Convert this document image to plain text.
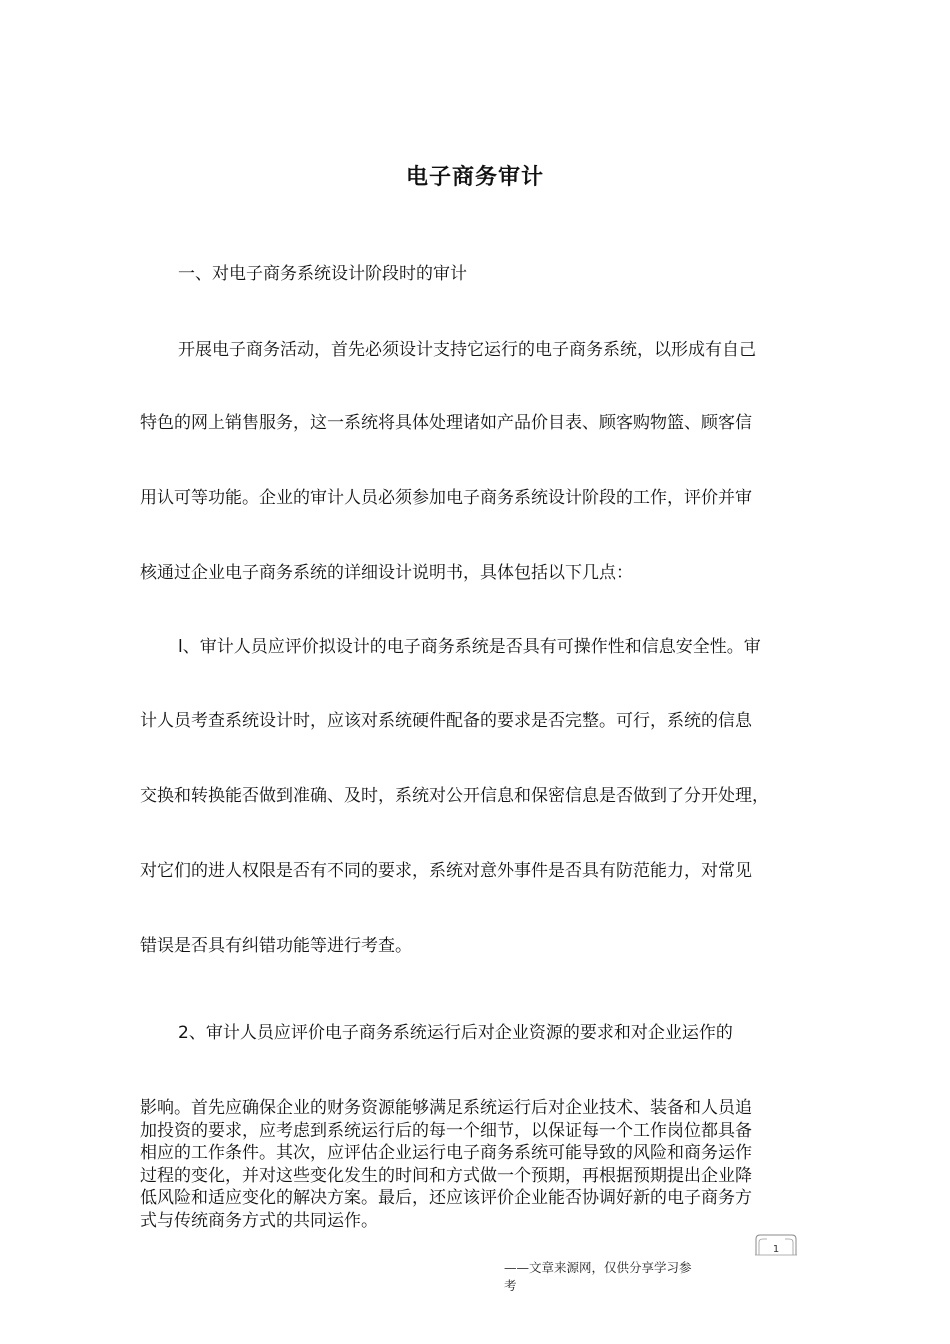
电子商务审计
一、对电子商务系统设计阶段时的审计
开展电子商务活动，首先必须设计支持它运行的电子商务系统，以形成有自己
特色的网上销售服务，这一系统将具体处理诸如产品价目表、顾客购物篮、顾客信
用认可等功能。企业的审计人员必须参加电子商务系统设计阶段的工作，评价并审
核通过企业电子商务系统的详细设计说明书，具体包括以下几点：
l、审计人员应评价拟设计的电子商务系统是否具有可操作性和信息安全性。审
计人员考查系统设计时，应该对系统硬件配备的要求是否完整。可行，系统的信息
交换和转换能否做到准确、及时，系统对公开信息和保密信息是否做到了分开处理，
对它们的进人权限是否有不同的要求，系统对意外事件是否具有防范能力，对常见
错误是否具有纠错功能等进行考查。
2、审计人员应评价电子商务系统运行后对企业资源的要求和对企业运作的
影响。首先应确保企业的财务资源能够满足系统运行后对企业技术、装备和人员追
加投资的要求，应考虑到系统运行后的每一个细节，以保证每一个工作岗位都具备
相应的工作条件。其次，应评估企业运行电子商务系统可能导致的风险和商务运作
过程的变化，并对这些变化发生的时间和方式做一个预期，再根据预期提出企业降
低风险和适应变化的解决方案。最后，还应该评价企业能否协调好新的电子商务方
式与传统商务方式的共同运作。
1
——文章来源网，仅供分享学习参
考
